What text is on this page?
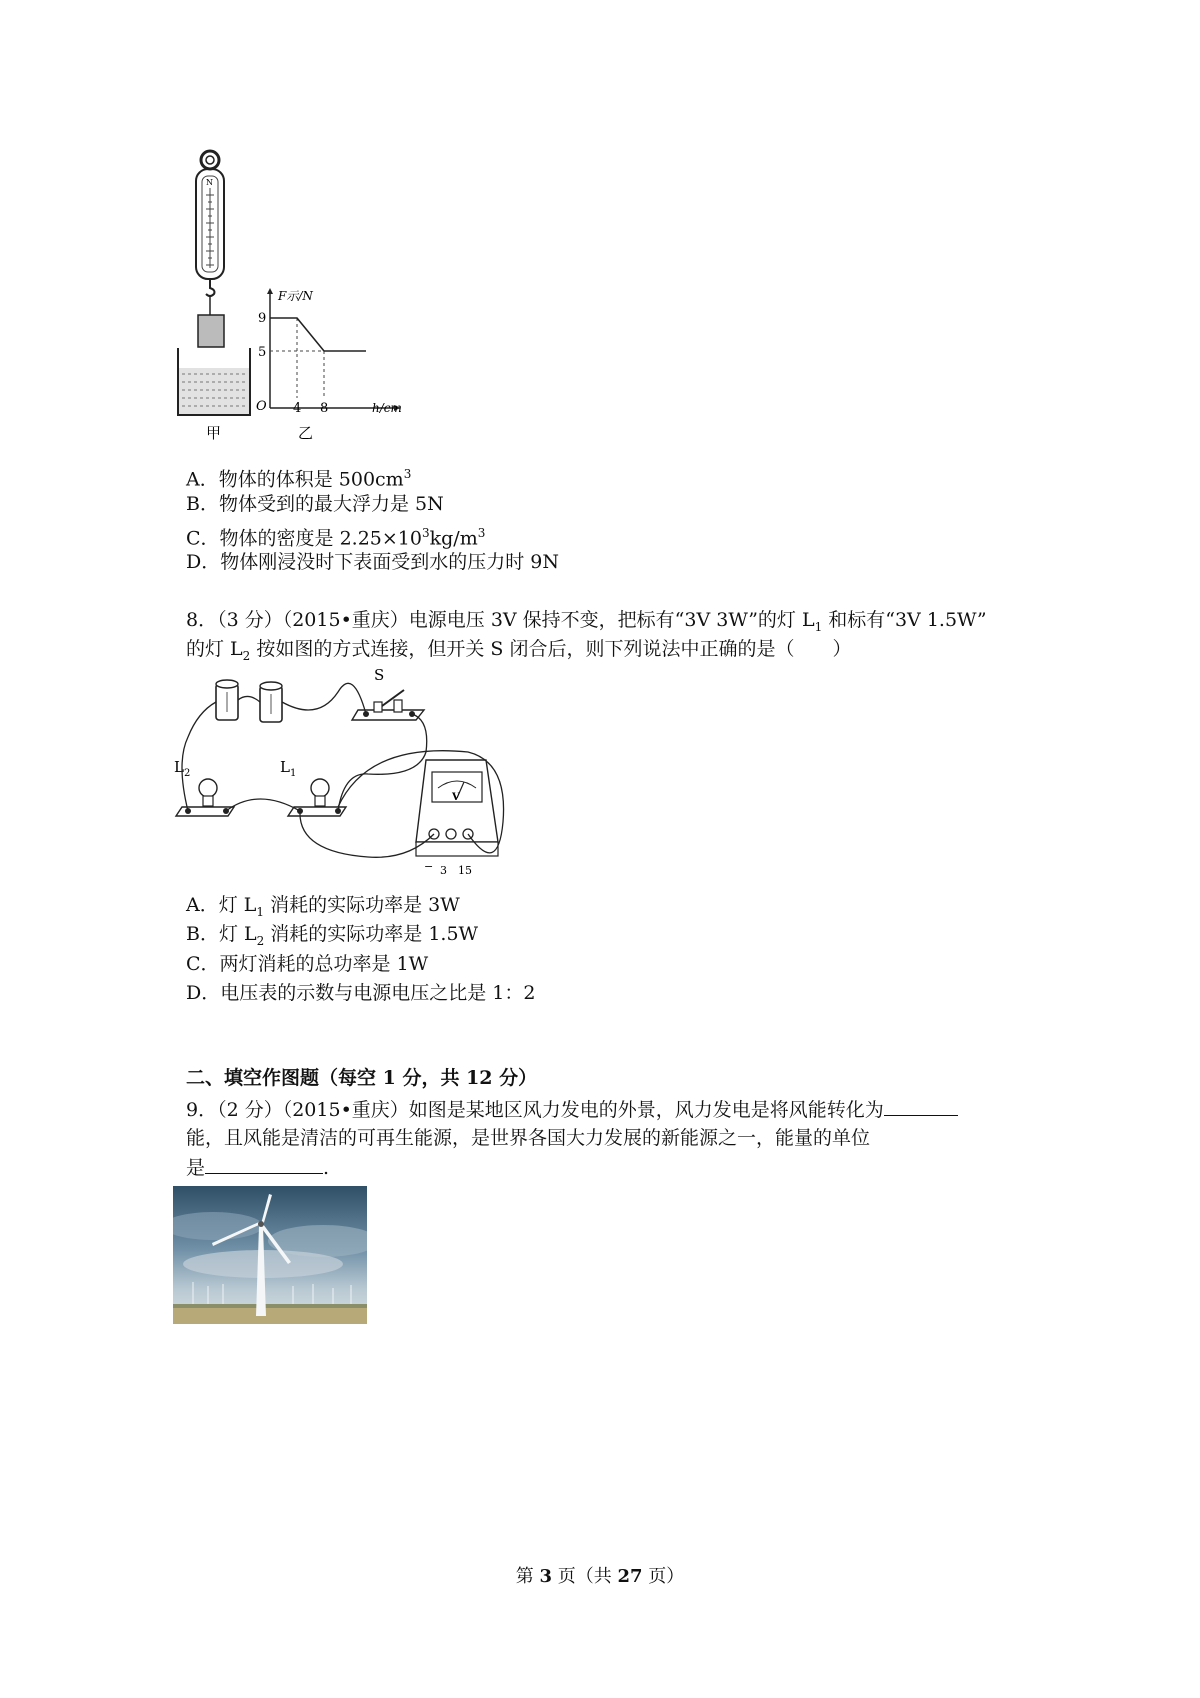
N
甲
F示/N
h/cm
O
9
5
4 8
乙
A．物体的体积是 $500cm^3$
B．物体受到的最大浮力是 5N
C．物体的密度是 $2.25\times 10^3kg/m^3$
D．物体刚浸没时下表面受到水的压力时 9N
8．（3 分）（2015•重庆）电源电压 3V 保持不变，把标有“3V 3W”的灯 $L_1$ 和标有“3V 1.5W”
的灯 $L_2$ 按如图的方式连接，但开关 S 闭合后，则下列说法中正确的是（　　）
S
$L_2$	$L_1$
V
− 3 15
A．灯 $L_1$ 消耗的实际功率是 3W
B．灯 $L_2$ 消耗的实际功率是 1.5W
C．两灯消耗的总功率是 1W
D．电压表的示数与电源电压之比是 1：2
二、填空作图题（每空 1 分，共 12 分）
9．（2 分）（2015•重庆）如图是某地区风力发电的外景，风力发电是将风能转化为
能，且风能是清洁的可再生能源，是世界各国大力发展的新能源之一，能量的单位
是	.
第 3 页（共 27 页）
